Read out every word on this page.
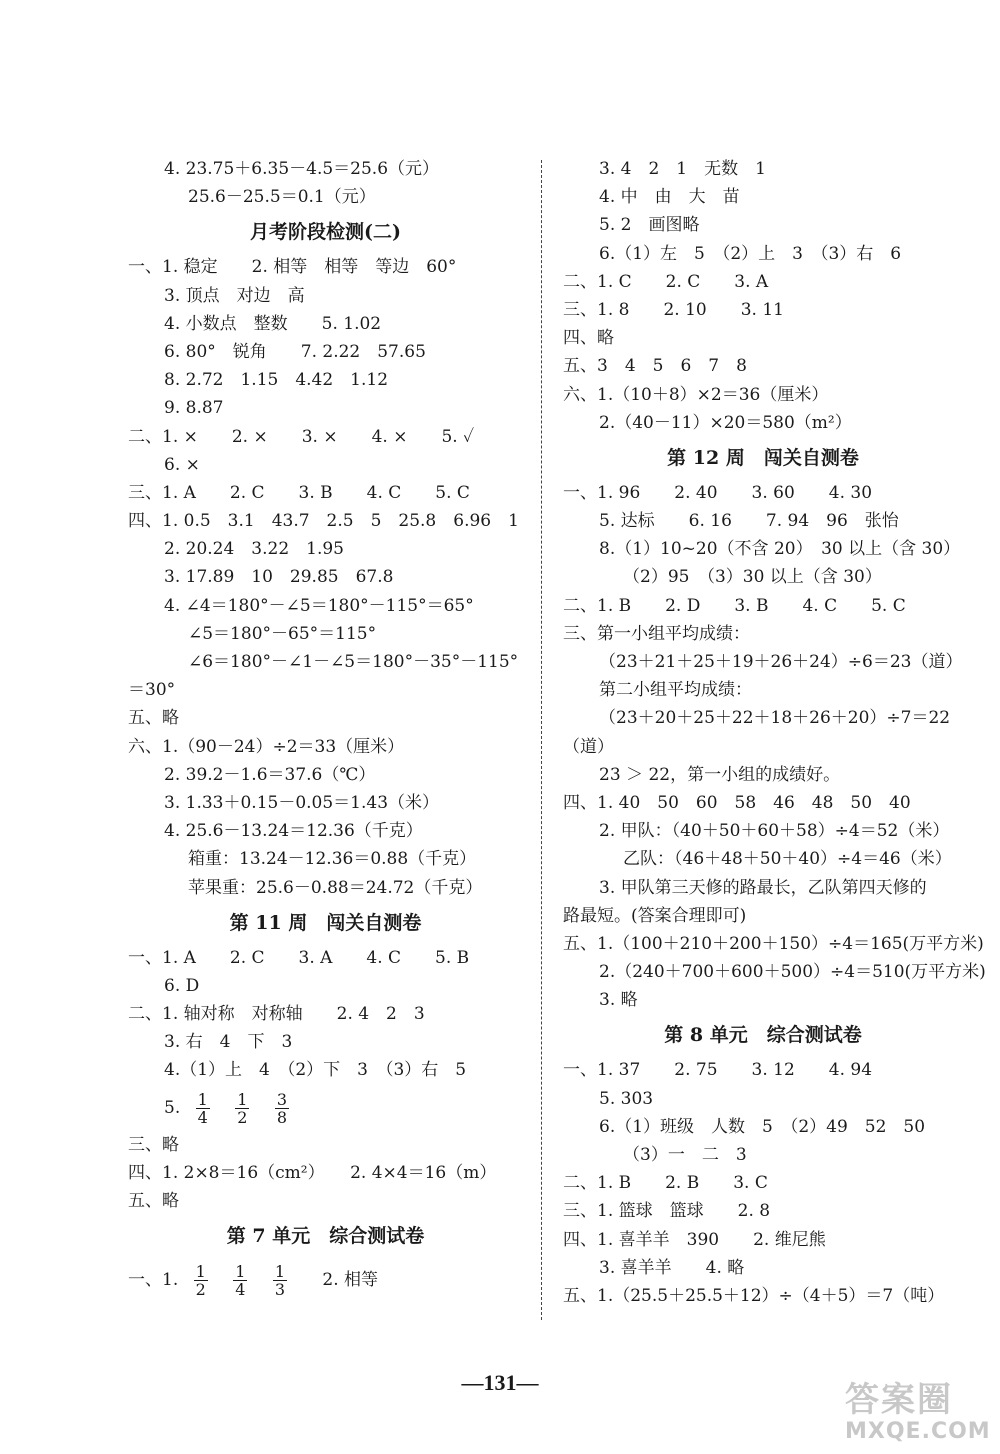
4. 23.75＋6.35－4.5＝25.6（元）
25.6－25.5＝0.1（元）
月考阶段检测(二)
一、1. 稳定　　2. 相等　相等　等边　60°
3. 顶点　对边　高
4. 小数点　整数　　5. 1.02
6. 80°　锐角　　7. 2.22　57.65
8. 2.72　1.15　4.42　1.12
9. 8.87
二、1. ×　　2. ×　　3. ×　　4. ×　　5. ✓
6. ×
三、1. A　　2. C　　3. B　　4. C　　5. C
四、1. 0.5　3.1　43.7　2.5　5　25.8　6.96　1
2. 20.24　3.22　1.95
3. 17.89　10　29.85　67.8
4. ∠4＝180°－∠5＝180°－115°＝65°
∠5＝180°－65°＝115°
∠6＝180°－∠1－∠5＝180°－35°－115°
＝30°
五、略
六、1.（90－24）÷2＝33（厘米）
2. 39.2－1.6＝37.6（℃）
3. 1.33＋0.15－0.05＝1.43（米）
4. 25.6－13.24＝12.36（千克）
箱重：13.24－12.36＝0.88（千克）
苹果重：25.6－0.88＝24.72（千克）
第 11 周　闯关自测卷
一、1. A　　2. C　　3. A　　4. C　　5. B
6. D
二、1. 轴对称　对称轴　　2. 4　2　3
3. 右　4　下　3
4.（1）上　4　（2）下　3　（3）右　5
5. $\frac{1}{4}$
$\frac{1}{2}$
$\frac{3}{8}$
三、略
四、1. 2×8＝16（cm²）　　2. 4×4＝16（m）
五、略
第 7 单元　综合测试卷
一、1. $\frac{1}{2}$
$\frac{1}{4}$
$\frac{1}{3} 2$. 相等
3. 4　2　1　无数　1
4. 中　由　大　苗
5. 2　画图略
6.（1）左　5　（2）上　3　（3）右　6
二、1. C　　2. C　　3. A
三、1. 8　　2. 10　　3. 11
四、略
五、3　4　5　6　7　8
六、1.（10＋8）×2＝36（厘米）
2.（40－11）×20＝580（m²）
第 12 周　闯关自测卷
一、1. 96　　2. 40　　3. 60　　4. 30
5. 达标　　6. 16　　7. 94　96　张怡
8.（1）10~20（不含 20）　30 以上（含 30）
（2）95　（3）30 以上（含 30）
二、1. B　　2. D　　3. B　　4. C　　5. C
三、第一小组平均成绩：
（23＋21＋25＋19＋26＋24）÷6＝23（道）
第二小组平均成绩：
（23＋20＋25＋22＋18＋26＋20）÷7＝22
（道）
23 ＞ 22，第一小组的成绩好。
四、1. 40　50　60　58　46　48　50　40
2. 甲队：（40＋50＋60＋58）÷4＝52（米）
乙队：（46＋48＋50＋40）÷4＝46（米）
3. 甲队第三天修的路最长，乙队第四天修的
路最短。(答案合理即可)
五、1.（100＋210＋200＋150）÷4＝165(万平方米)
2.（240＋700＋600＋500）÷4＝510(万平方米)
3. 略
第 8 单元　综合测试卷
一、1. 37　　2. 75　　3. 12　　4. 94
5. 303
6.（1）班级　人数　5　（2）49　52　50
（3）一　二　3
二、1. B　　2. B　　3. C
三、1. 篮球　篮球　　2. 8
四、1. 喜羊羊　390　　2. 维尼熊
3. 喜羊羊　　4. 略
五、1.（25.5＋25.5＋12）÷（4＋5）＝7（吨）
—131—	答案圈
MXQE.COM
